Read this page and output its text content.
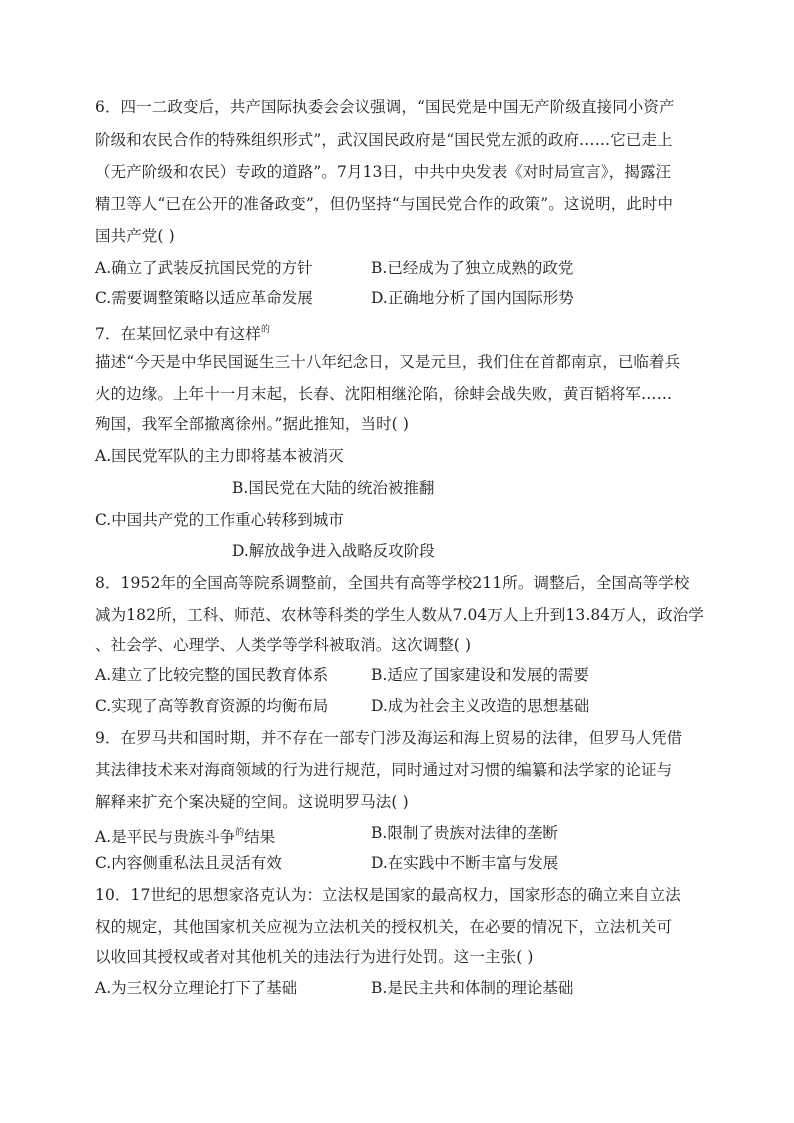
6．四一二政变后，共产国际执委会会议强调，“国民党是中国无产阶级直接同小资产
阶级和农民合作的特殊组织形式”，武汉国民政府是“国民党左派的政府……它已走上
（无产阶级和农民）专政的道路”。7月13日，中共中央发表《对时局宣言》，揭露汪
精卫等人“已在公开的准备政变”，但仍坚持“与国民党合作的政策”。这说明，此时中
国共产党( )
A.确立了武装反抗国民党的方针	B.已经成为了独立成熟的政党
C.需要调整策略以适应革命发展	D.正确地分析了国内国际形势
7．在某回忆录中有这样$^的$
描述“今天是中华民国诞生三十八年纪念日，又是元旦，我们住在首都南京，已临着兵
火的边缘。上年十一月末起，长春、沈阳相继沦陷，徐蚌会战失败，黄百韬将军……
殉国，我军全部撤离徐州。”据此推知，当时( )
A.国民党军队的主力即将基本被消灭
B.国民党在大陆的统治被推翻
C.中国共产党的工作重心转移到城市
D.解放战争进入战略反攻阶段
8．1952年的全国高等院系调整前，全国共有高等学校211所。调整后，全国高等学校
减为182所，工科、师范、农林等科类的学生人数从7.04万人上升到13.84万人，政治学
、社会学、心理学、人类学等学科被取消。这次调整( )
A.建立了比较完整的国民教育体系	B.适应了国家建设和发展的需要
C.实现了高等教育资源的均衡布局	D.成为社会主义改造的思想基础
9．在罗马共和国时期，并不存在一部专门涉及海运和海上贸易的法律，但罗马人凭借
其法律技术来对海商领域的行为进行规范，同时通过对习惯的编纂和法学家的论证与
解释来扩充个案决疑的空间。这说明罗马法( )
A.是平民与贵族斗争$^的$结果	B.限制了贵族对法律的垄断
C.内容侧重私法且灵活有效	D.在实践中不断丰富与发展
10．17世纪的思想家洛克认为：立法权是国家的最高权力，国家形态的确立来自立法
权的规定，其他国家机关应视为立法机关的授权机关，在必要的情况下，立法机关可
以收回其授权或者对其他机关的违法行为进行处罚。这一主张( )
A.为三权分立理论打下了基础	B.是民主共和体制的理论基础
